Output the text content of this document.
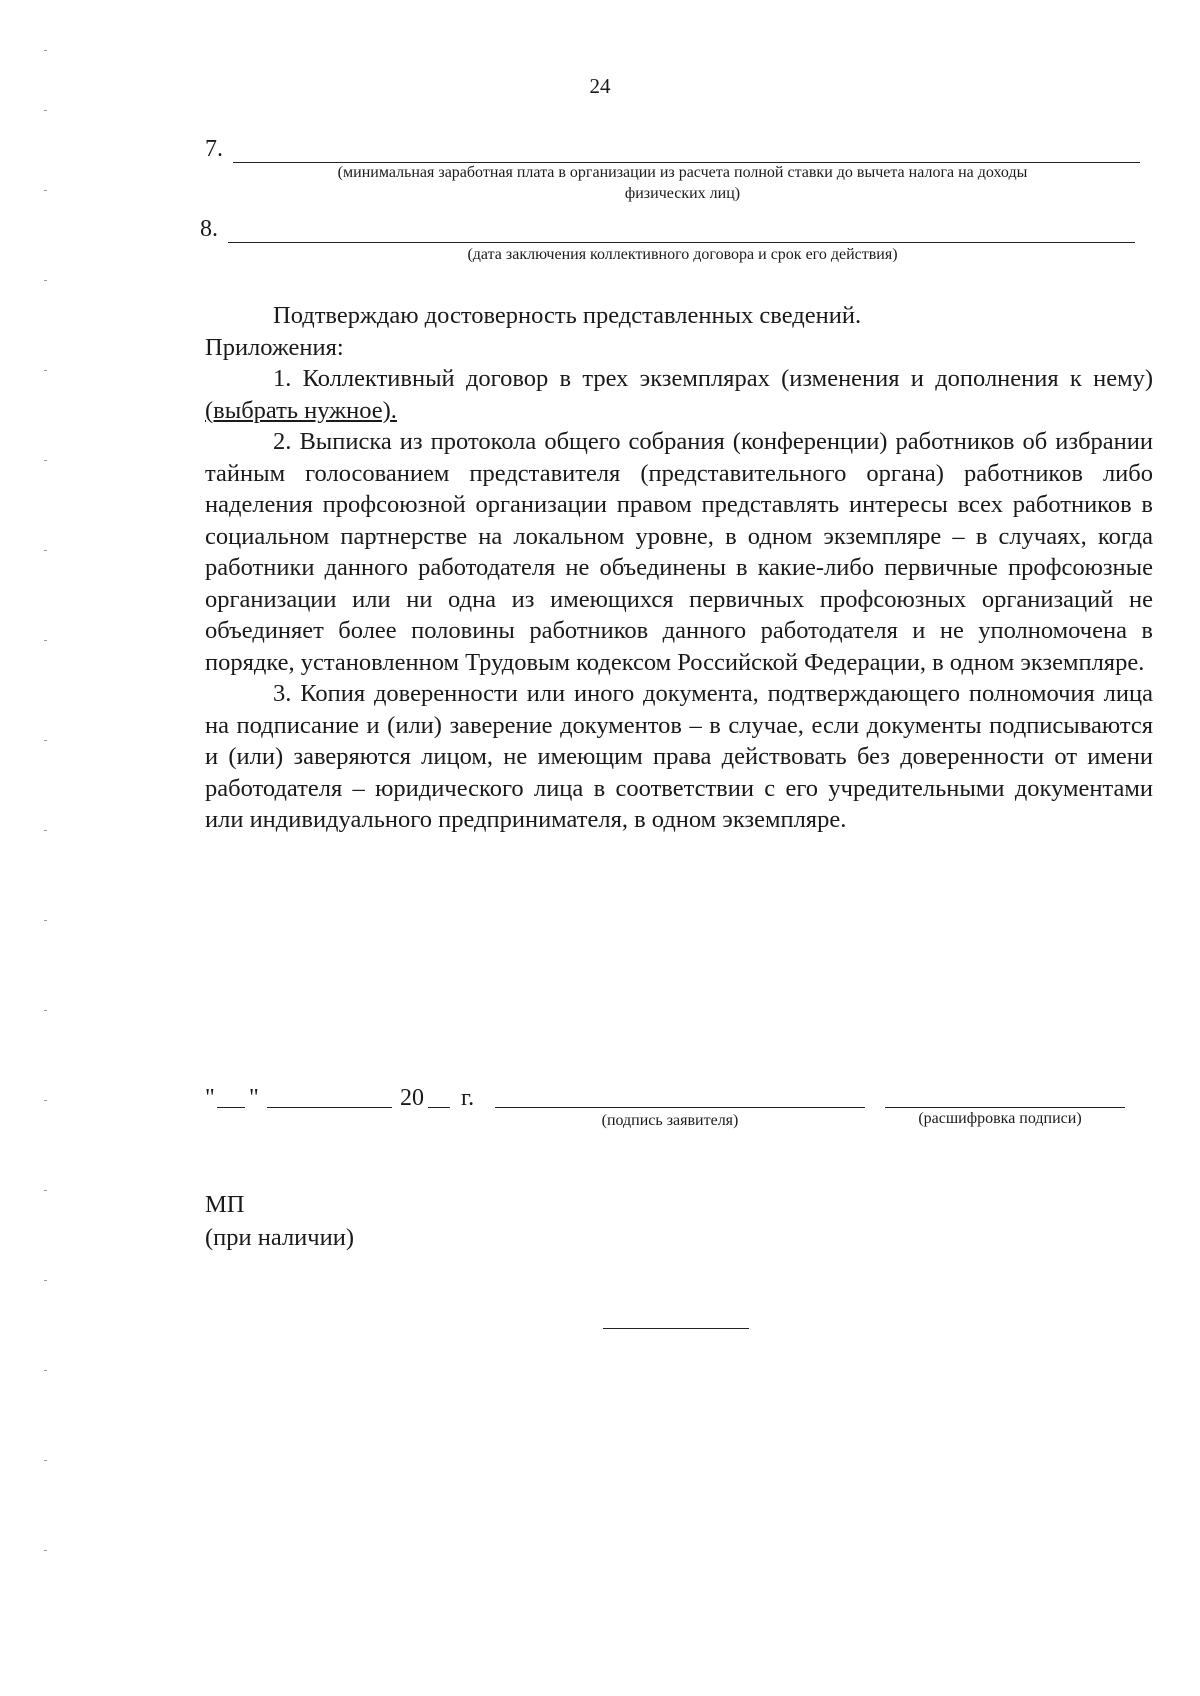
24
7.
(минимальная заработная плата в организации из расчета полной ставки до вычета налога на доходы
физических лиц)
8.
(дата заключения коллективного договора и срок его действия)

Подтверждаю достоверность представленных сведений.

Приложения:

1. Коллективный договор в трех экземплярах (изменения и дополнения к нему) (выбрать нужное).

2. Выписка из протокола общего собрания (конференции) работников об избрании тайным голосованием представителя (представительного органа) работников либо наделения профсоюзной организации правом представлять интересы всех работников в социальном партнерстве на локальном уровне, в одном экземпляре – в случаях, когда работники данного работодателя не объединены в какие-либо первичные профсоюзные организации или ни одна из имеющихся первичных профсоюзных организаций не объединяет более половины работников данного работодателя и не уполномочена в порядке, установленном Трудовым кодексом Российской Федерации, в одном экземпляре.

3. Копия доверенности или иного документа, подтверждающего полномочия лица на подписание и (или) заверение документов – в случае, если документы подписываются и (или) заверяются лицом, не имеющим права действовать без доверенности от имени работодателя – юридического лица в соответствии с его учредительными документами или индивидуального предпринимателя, в одном экземпляре.

" "	20 г.
(подпись заявителя)	(расшифровка подписи)
МП
(при наличии)
